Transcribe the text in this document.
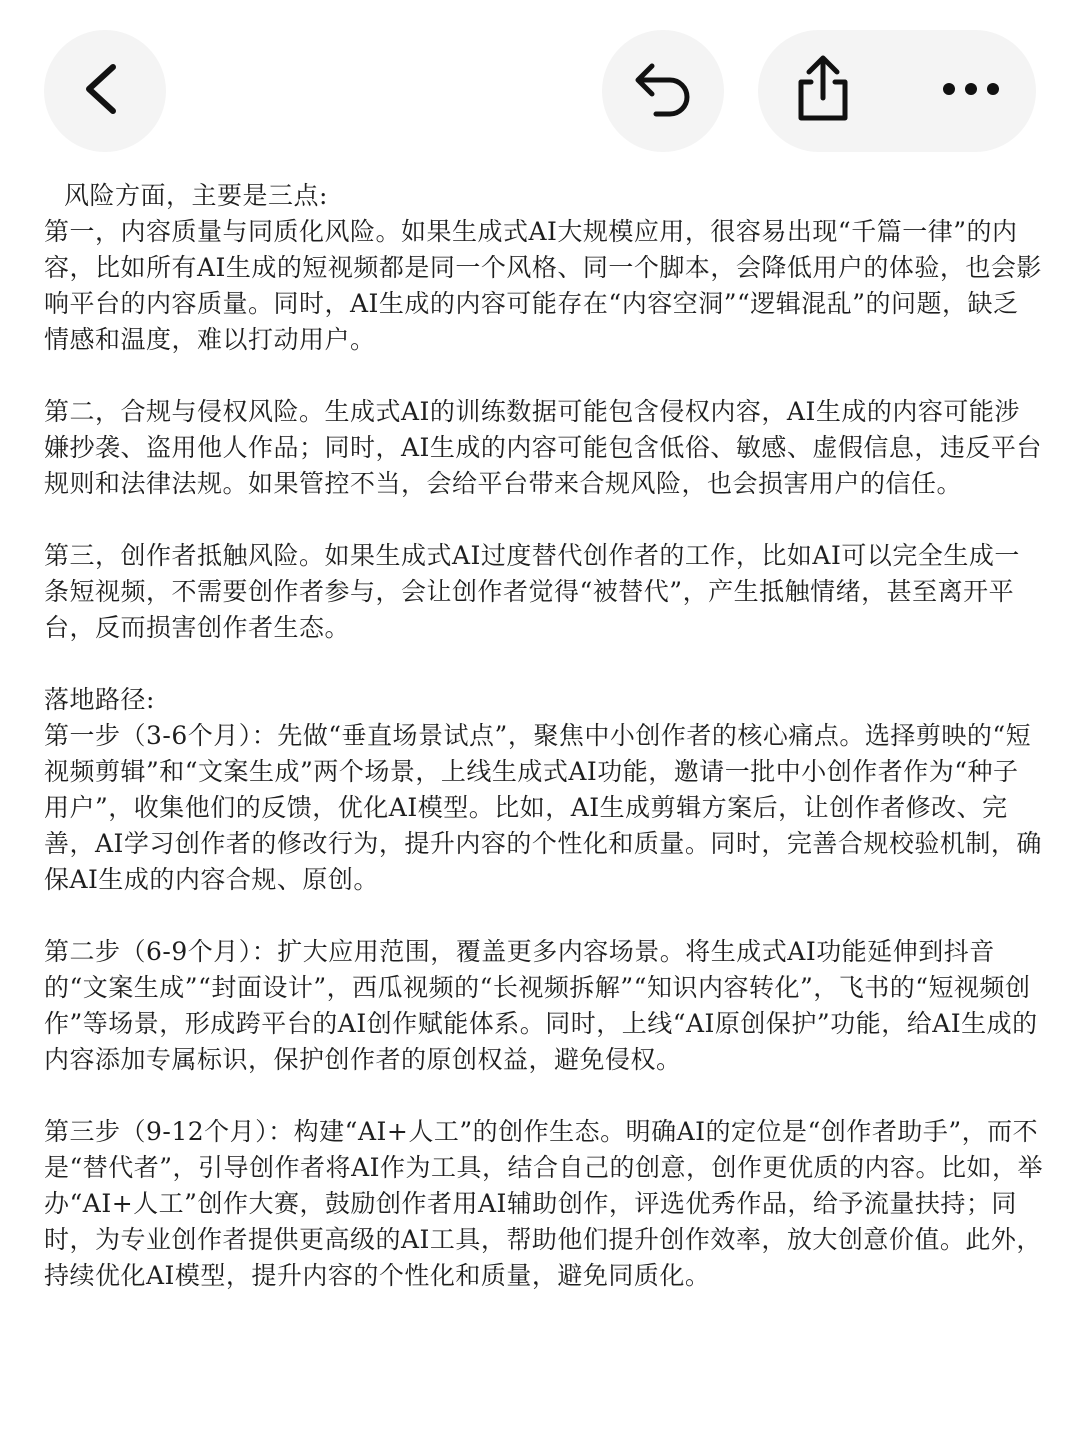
风险方面，主要是三点:

第一，内容质量与同质化风险。如果生成式AI大规模应用，很容易出现“千篇一律”的内容，比如所有AI生成的短视频都是同一个风格、同一个脚本，会降低用户的体验，也会影响平台的内容质量。同时，AI生成的内容可能存在“内容空洞”“逻辑混乱”的问题，缺乏情感和温度，难以打动用户。

第二，合规与侵权风险。生成式AI的训练数据可能包含侵权内容，AI生成的内容可能涉嫌抄袭、盗用他人作品；同时，AI生成的内容可能包含低俗、敏感、虚假信息，违反平台规则和法律法规。如果管控不当，会给平台带来合规风险，也会损害用户的信任。

第三，创作者抵触风险。如果生成式AI过度替代创作者的工作，比如AI可以完全生成一条短视频，不需要创作者参与，会让创作者觉得“被替代”，产生抵触情绪，甚至离开平台，反而损害创作者生态。

落地路径:

第一步（3-6个月）：先做“垂直场景试点”，聚焦中小创作者的核心痛点。选择剪映的“短视频剪辑”和“文案生成”两个场景，上线生成式AI功能，邀请一批中小创作者作为“种子用户”，收集他们的反馈，优化AI模型。比如，AI生成剪辑方案后，让创作者修改、完善，AI学习创作者的修改行为，提升内容的个性化和质量。同时，完善合规校验机制，确保AI生成的内容合规、原创。

第二步（6-9个月）：扩大应用范围，覆盖更多内容场景。将生成式AI功能延伸到抖音的“文案生成”“封面设计”，西瓜视频的“长视频拆解”“知识内容转化”，飞书的“短视频创作”等场景，形成跨平台的AI创作赋能体系。同时，上线“AI原创保护”功能，给AI生成的内容添加专属标识，保护创作者的原创权益，避免侵权。

第三步（9-12个月）：构建“AI+人工”的创作生态。明确AI的定位是“创作者助手”，而不是“替代者”，引导创作者将AI作为工具，结合自己的创意，创作更优质的内容。比如，举办“AI+人工”创作大赛，鼓励创作者用AI辅助创作，评选优秀作品，给予流量扶持；同时，为专业创作者提供更高级的AI工具，帮助他们提升创作效率，放大创意价值。此外，持续优化AI模型，提升内容的个性化和质量，避免同质化。
